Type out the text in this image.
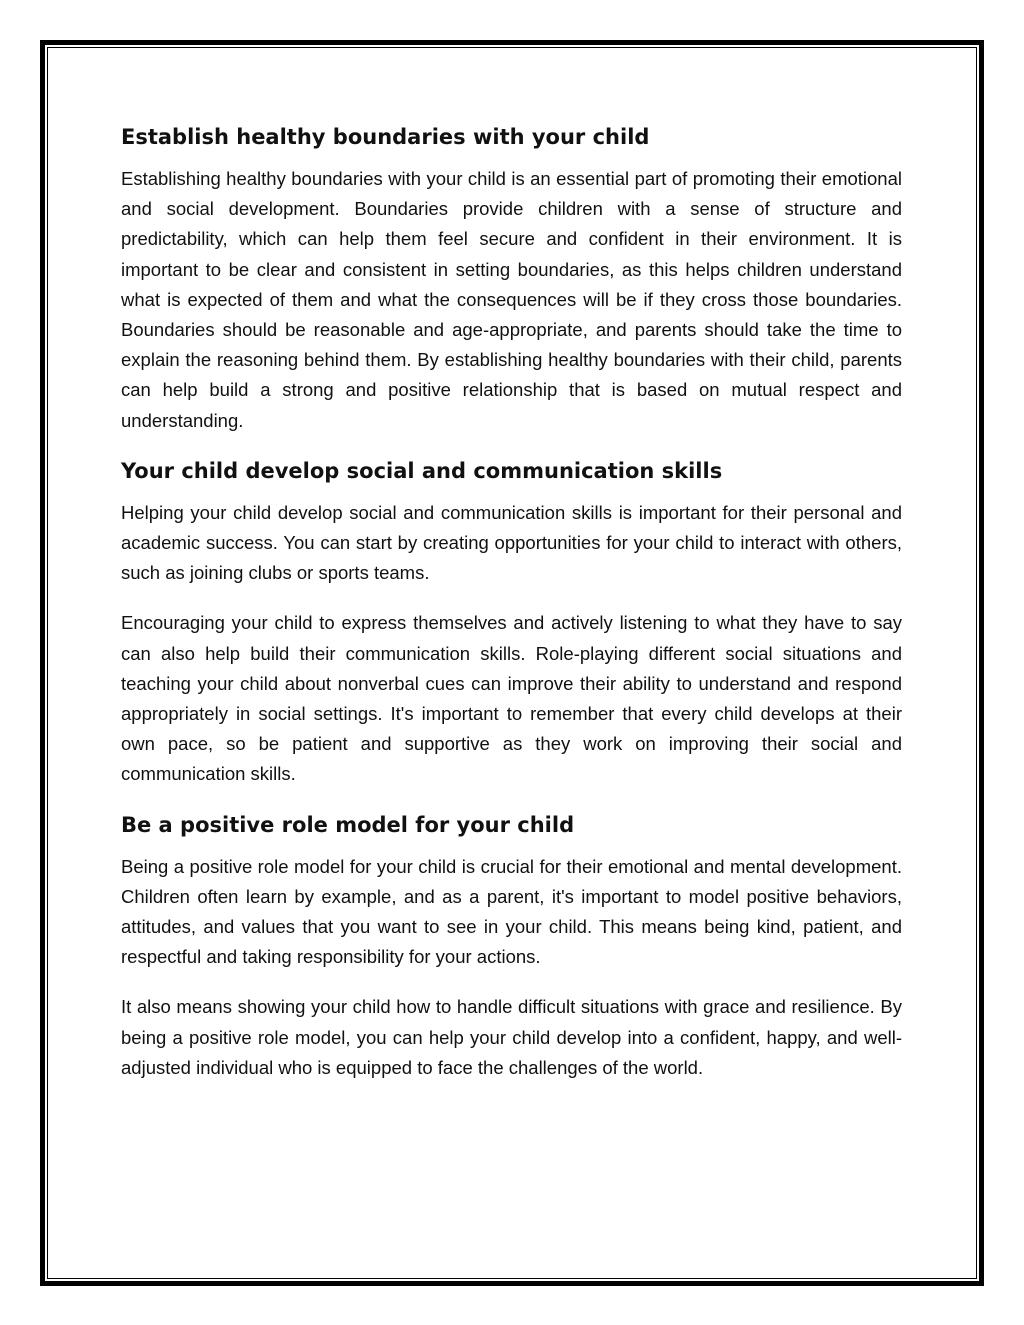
Establish healthy boundaries with your child

Establishing healthy boundaries with your child is an essential part of promoting their emotional and social development. Boundaries provide children with a sense of structure and predictability, which can help them feel secure and confident in their environment. It is important to be clear and consistent in setting boundaries, as this helps children understand what is expected of them and what the consequences will be if they cross those boundaries. Boundaries should be reasonable and age-appropriate, and parents should take the time to explain the reasoning behind them. By establishing healthy boundaries with their child, parents can help build a strong and positive relationship that is based on mutual respect and understanding.

Your child develop social and communication skills

Helping your child develop social and communication skills is important for their personal and academic success. You can start by creating opportunities for your child to interact with others, such as joining clubs or sports teams.

Encouraging your child to express themselves and actively listening to what they have to say can also help build their communication skills. Role-playing different social situations and teaching your child about nonverbal cues can improve their ability to understand and respond appropriately in social settings. It's important to remember that every child develops at their own pace, so be patient and supportive as they work on improving their social and communication skills.

Be a positive role model for your child

Being a positive role model for your child is crucial for their emotional and mental development. Children often learn by example, and as a parent, it's important to model positive behaviors, attitudes, and values that you want to see in your child. This means being kind, patient, and respectful and taking responsibility for your actions.

It also means showing your child how to handle difficult situations with grace and resilience. By being a positive role model, you can help your child develop into a confident, happy, and well-adjusted individual who is equipped to face the challenges of the world.
